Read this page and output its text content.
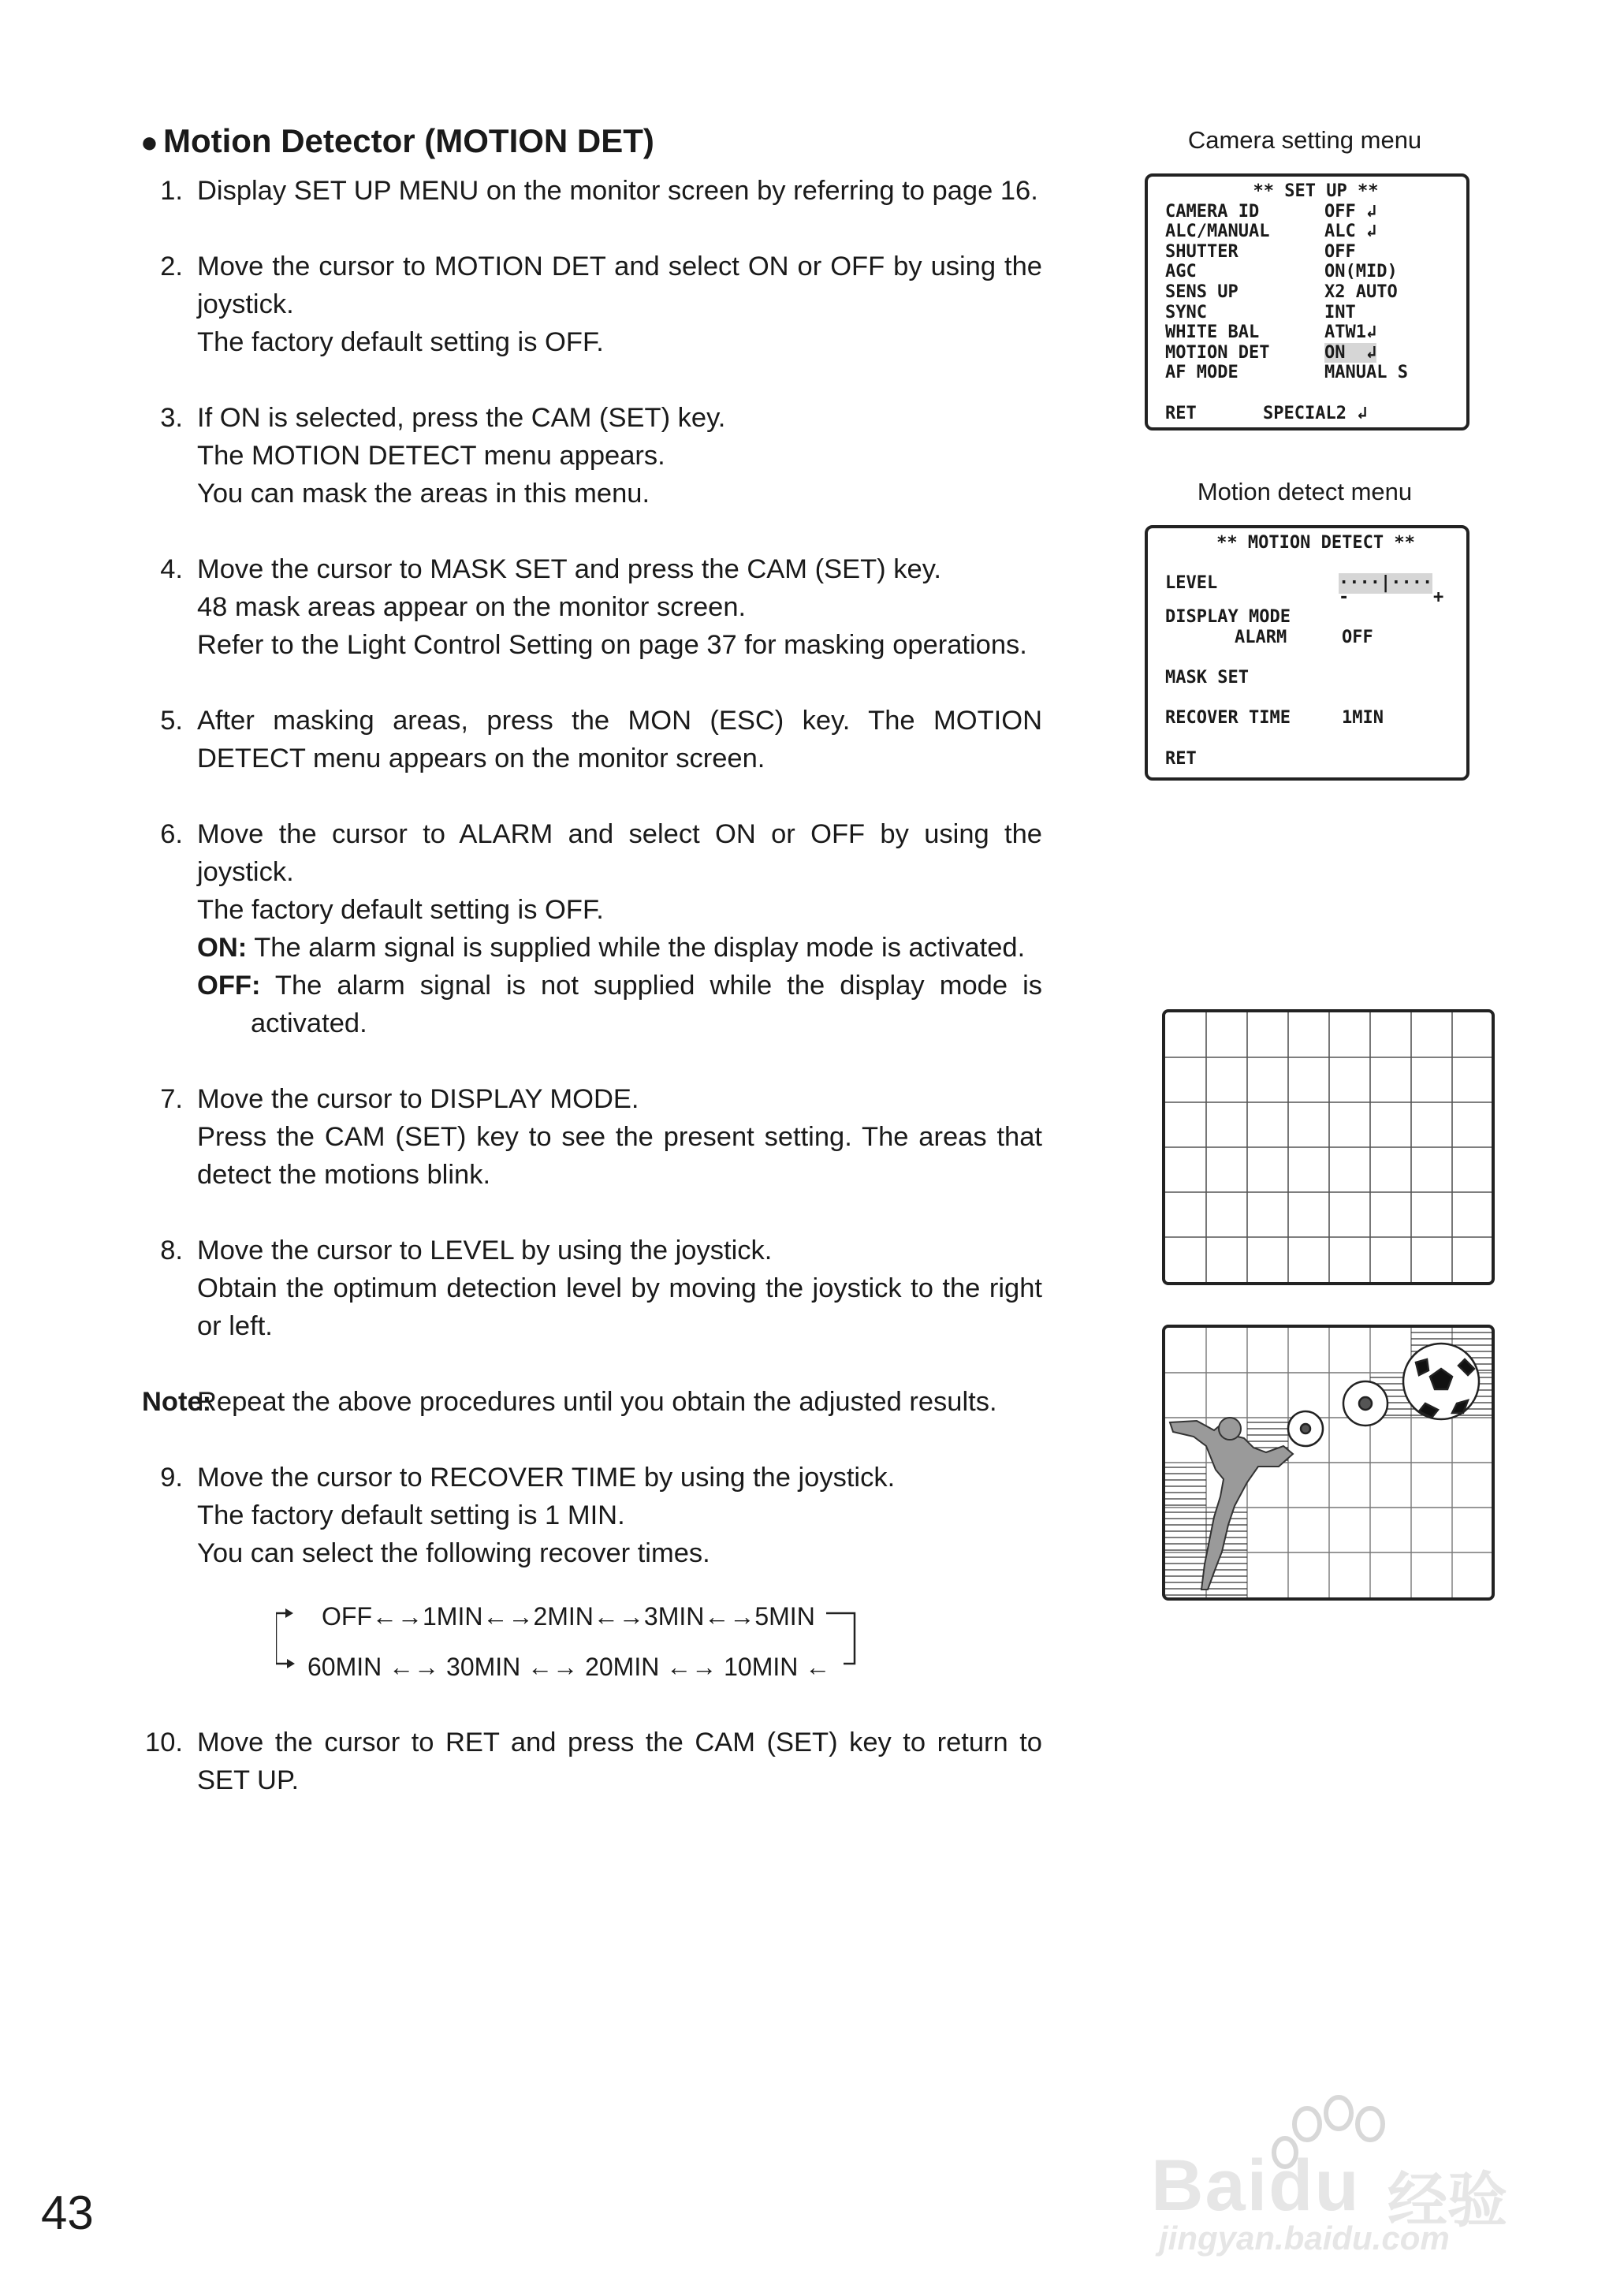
● Motion Detector (MOTION DET)
1. Display SET UP MENU on the monitor screen by referring to page 16.
2. Move the cursor to MOTION DET and select ON or OFF by using the joystick.
The factory default setting is OFF.
3. If ON is selected, press the CAM (SET) key.
The MOTION DETECT menu appears.
You can mask the areas in this menu.
4. Move the cursor to MASK SET and press the CAM (SET) key.
48 mask areas appear on the monitor screen.
Refer to the Light Control Setting on page 37 for masking operations.
5. After masking areas, press the MON (ESC) key. The MOTION DETECT menu appears on the monitor screen.
6. Move the cursor to ALARM and select ON or OFF by using the joystick.
The factory default setting is OFF.
ON: The alarm signal is supplied while the display mode is activated.
OFF: The alarm signal is not supplied while the display mode is activated.
7. Move the cursor to DISPLAY MODE.
Press the CAM (SET) key to see the present setting. The areas that detect the motions blink.
8. Move the cursor to LEVEL by using the joystick.
Obtain the optimum detection level by moving the joystick to the right or left.
Note:
Repeat the above procedures until you obtain the adjusted results.
9. Move the cursor to RECOVER TIME by using the joystick.
The factory default setting is 1 MIN.
You can select the following recover times.
OFF←→1MIN←→2MIN←→3MIN←→5MIN
60MIN ←→ 30MIN ←→ 20MIN ←→ 10MIN ←
10. Move the cursor to RET and press the CAM (SET) key to return to SET UP.
Camera setting menu
** SET UP **
CAMERA ID	OFF ↲
ALC/MANUAL	ALC ↲
SHUTTER	OFF
AGC	ON(MID)
SENS UP	X2 AUTO
SYNC	INT
WHITE BAL	ATW1↲
MOTION DET	ON  ↲
AF MODE	MANUAL S

RET	SPECIAL2 ↲
Motion detect menu
** MOTION DETECT **

LEVEL	····|····
-	+
DISPLAY MODE
ALARM	OFF

MASK SET

RECOVER TIME	1MIN

RET
43	Baidu 经验
jingyan.baidu.com
